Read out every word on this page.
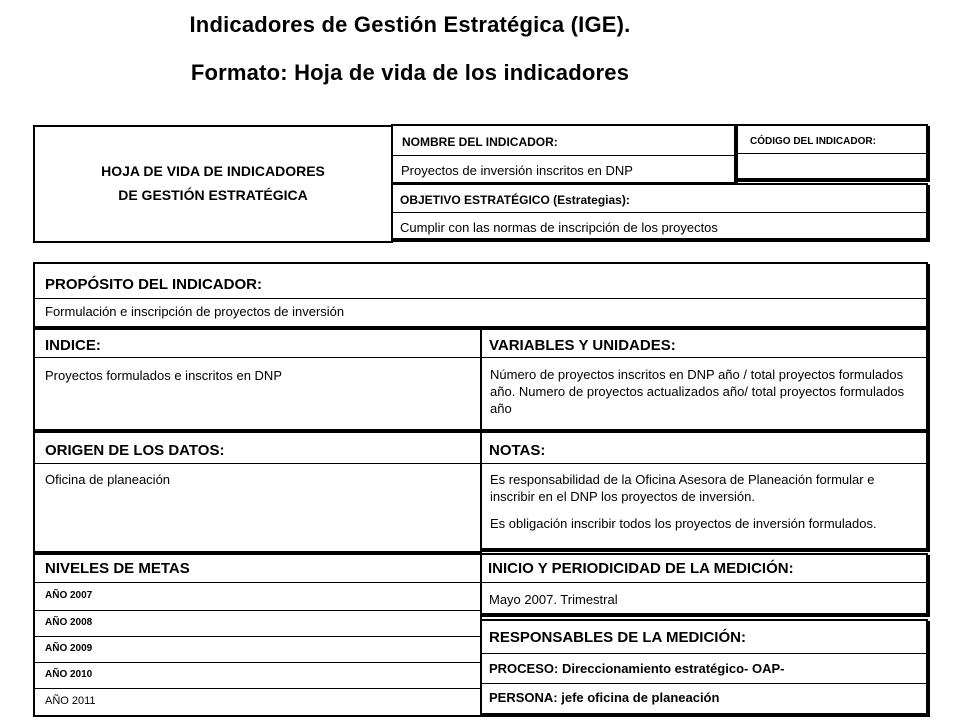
Indicadores de Gestión Estratégica (IGE).
Formato: Hoja de vida de los indicadores
HOJA DE VIDA DE INDICADORES
DE GESTIÓN ESTRATÉGICA
NOMBRE DEL INDICADOR:
Proyectos de inversión inscritos en DNP
CÓDIGO DEL INDICADOR:
OBJETIVO ESTRATÉGICO (Estrategias):
Cumplir con las normas de inscripción de los proyectos
PROPÓSITO DEL INDICADOR:
Formulación e inscripción de proyectos de inversión
INDICE:
Proyectos formulados e inscritos en DNP
VARIABLES Y UNIDADES:
Número de proyectos inscritos en DNP año / total proyectos formulados año. Numero de proyectos actualizados año/ total proyectos formulados año
ORIGEN DE LOS DATOS:
Oficina de planeación
NOTAS:
Es responsabilidad de la Oficina Asesora de Planeación formular e inscribir en el DNP los proyectos de inversión.
Es obligación inscribir todos los proyectos de inversión formulados.
NIVELES DE METAS
AÑO 2007
AÑO 2008
AÑO 2009
AÑO 2010
AÑO 2011
INICIO Y PERIODICIDAD DE LA MEDICIÓN:
Mayo 2007. Trimestral
RESPONSABLES DE LA MEDICIÓN:
PROCESO: Direccionamiento estratégico- OAP-
PERSONA: jefe oficina de planeación
